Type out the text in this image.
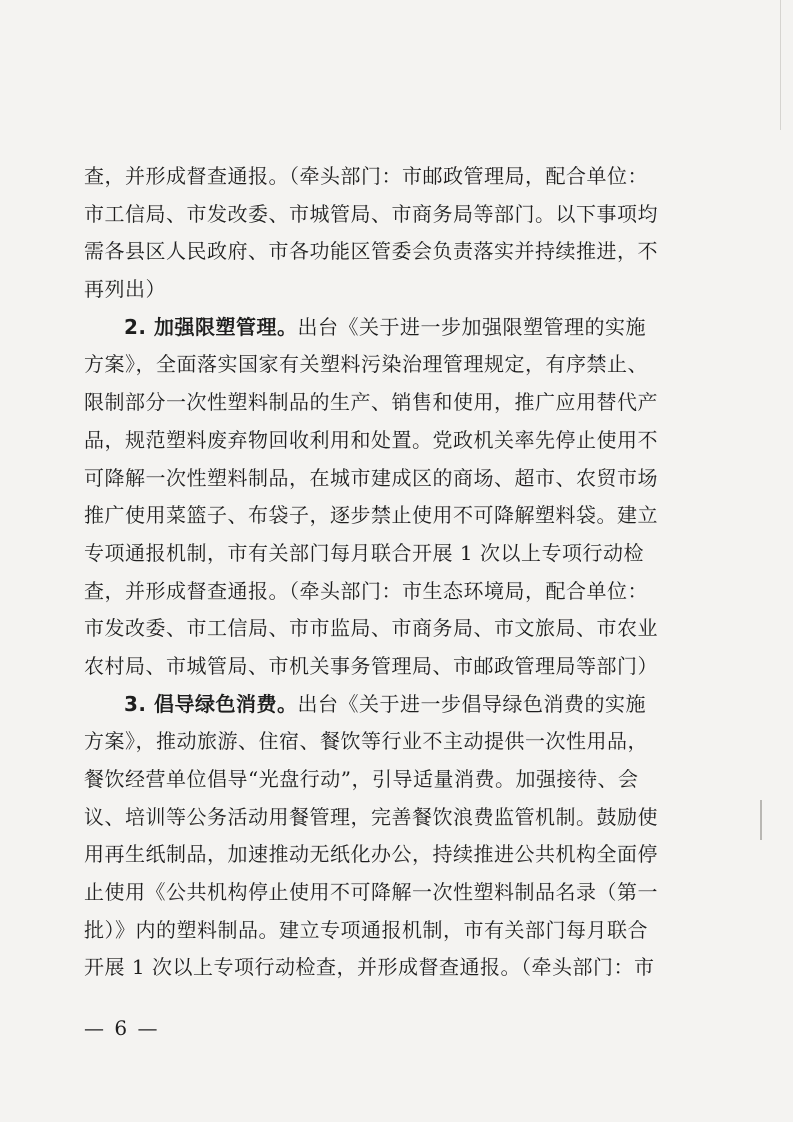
查，并形成督查通报。（牵头部门：市邮政管理局，配合单位：
市工信局、市发改委、市城管局、市商务局等部门。以下事项均
需各县区人民政府、市各功能区管委会负责落实并持续推进，不
再列出）
2. 加强限塑管理。出台《关于进一步加强限塑管理的实施
方案》，全面落实国家有关塑料污染治理管理规定，有序禁止、
限制部分一次性塑料制品的生产、销售和使用，推广应用替代产
品，规范塑料废弃物回收利用和处置。党政机关率先停止使用不
可降解一次性塑料制品，在城市建成区的商场、超市、农贸市场
推广使用菜篮子、布袋子，逐步禁止使用不可降解塑料袋。建立
专项通报机制，市有关部门每月联合开展 1 次以上专项行动检
查，并形成督查通报。（牵头部门：市生态环境局，配合单位：
市发改委、市工信局、市市监局、市商务局、市文旅局、市农业
农村局、市城管局、市机关事务管理局、市邮政管理局等部门）
3. 倡导绿色消费。出台《关于进一步倡导绿色消费的实施
方案》，推动旅游、住宿、餐饮等行业不主动提供一次性用品，
餐饮经营单位倡导“光盘行动”，引导适量消费。加强接待、会
议、培训等公务活动用餐管理，完善餐饮浪费监管机制。鼓励使
用再生纸制品，加速推动无纸化办公，持续推进公共机构全面停
止使用《公共机构停止使用不可降解一次性塑料制品名录（第一
批）》内的塑料制品。建立专项通报机制，市有关部门每月联合
开展 1 次以上专项行动检查，并形成督查通报。（牵头部门：市
— 6 —
